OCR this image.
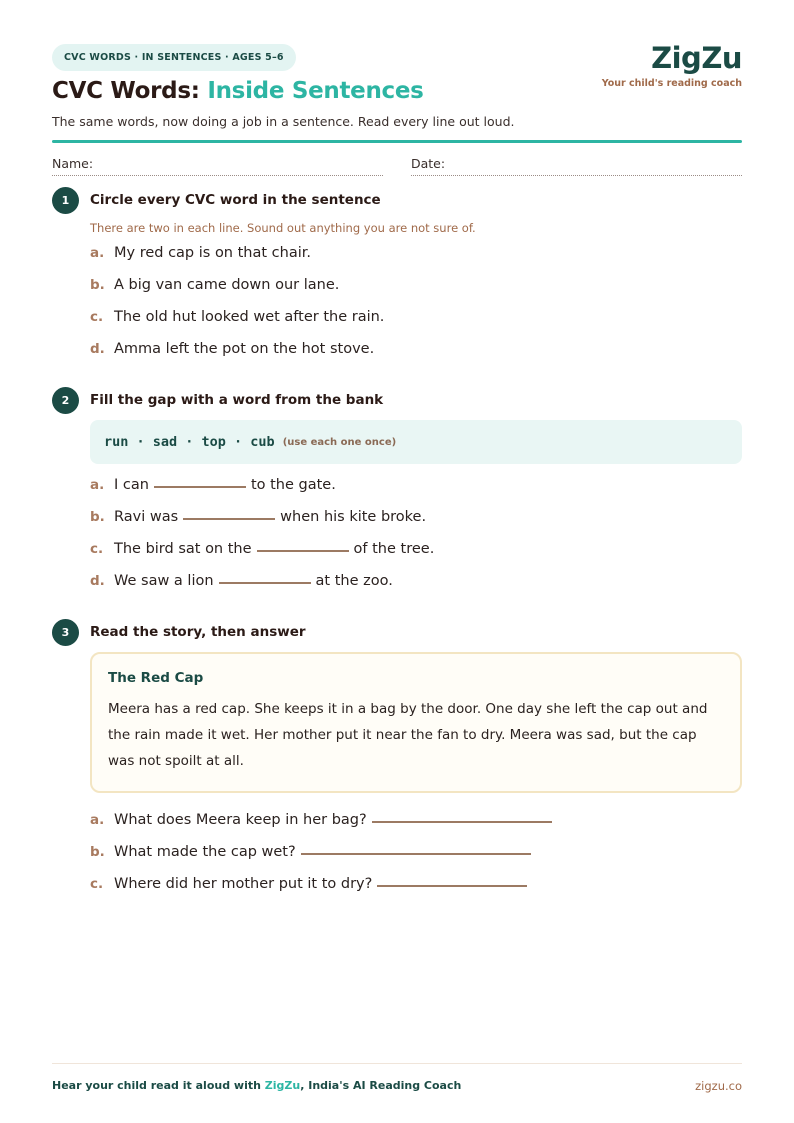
CVC WORDS · IN SENTENCES · AGES 5–6	ZigZu
Your child's reading coach
CVC Words: Inside Sentences
The same words, now doing a job in a sentence. Read every line out loud.
Name:	Date:
1	Circle every CVC word in the sentence
There are two in each line. Sound out anything you are not sure of.
a. My red cap is on that chair.
b. A big van came down our lane.
c. The old hut looked wet after the rain.
d. Amma left the pot on the hot stove.
2	Fill the gap with a word from the bank
run · sad · top · cub (use each one once)
a. I can	to the gate.
b. Ravi was	when his kite broke.
c. The bird sat on the	of the tree.
d. We saw a lion	at the zoo.
3	Read the story, then answer
The Red Cap
Meera has a red cap. She keeps it in a bag by the door. One day she left the cap out and the rain made it wet. Her mother put it near the fan to dry. Meera was sad, but the cap was not spoilt at all.
a. What does Meera keep in her bag?
b. What made the cap wet?
c. Where did her mother put it to dry?
Hear your child read it aloud with ZigZu, India's AI Reading Coach	zigzu.co
